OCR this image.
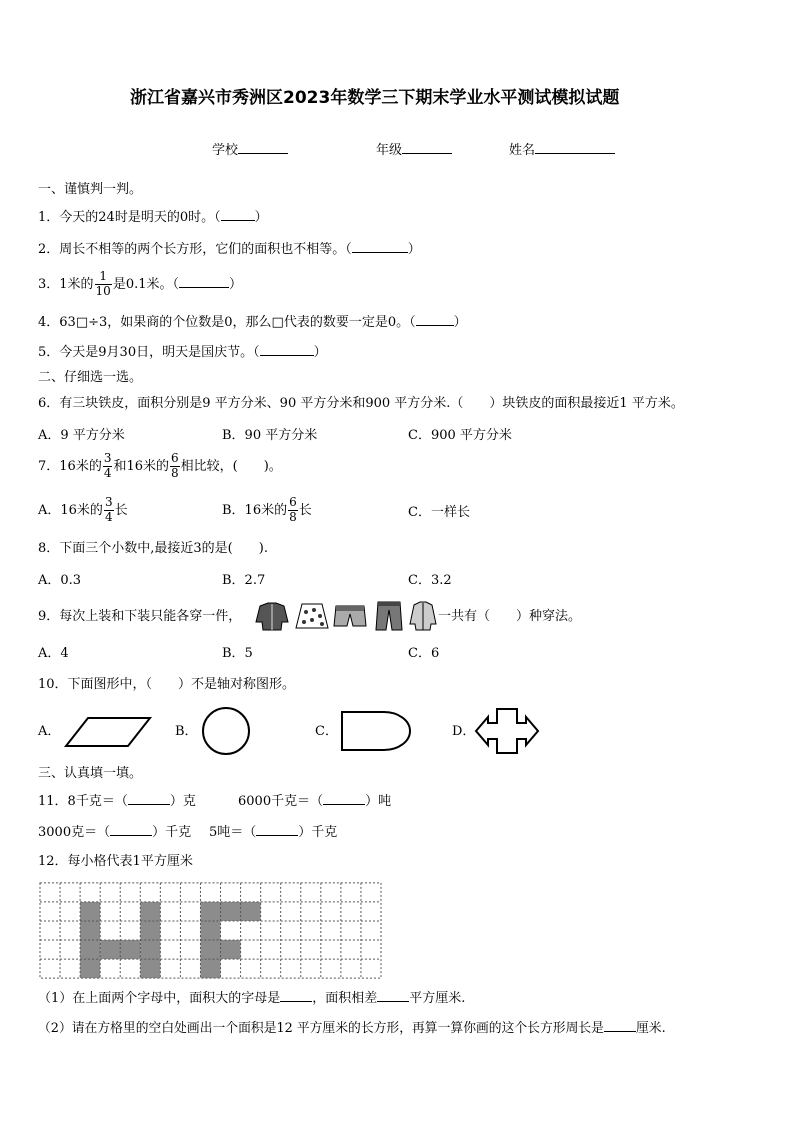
浙江省嘉兴市秀洲区2023年数学三下期末学业水平测试模拟试题
学校	年级	姓名
一、谨慎判一判。
1．今天的24时是明天的0时。（	）
2．周长不相等的两个长方形，它们的面积也不相等。（	）
3．1米的 $\frac{1}{10}$ 是0.1米。（	）
4．63□÷3，如果商的个位数是0，那么□代表的数要一定是0。（	）
5．今天是9月30日，明天是国庆节。（	）
二、仔细选一选。
6．有三块铁皮，面积分别是9 平方分米、90 平方分米和900 平方分米.（　　）块铁皮的面积最接近1 平方米。
A．9 平方分米	B．90 平方分米	C．900 平方分米
7．16米的 $\frac{3}{4}$ 和16米的 $\frac{6}{8}$ 相比较，(　　)。
A．16米的 $\frac{3}{4}$ 长	B．16米的 $\frac{6}{8}$ 长	C．一样长
8．下面三个小数中,最接近3的是(　　).
A．0.3	B．2.7	C．3.2
9．每次上装和下装只能各穿一件，	一共有（　　）种穿法。
A．4	B．5	C．6
10．下面图形中，（　　）不是轴对称图形。
A．	B．	C．	D．
三、认真填一填。
11．8千克＝（	）克	6000千克＝（	）吨
3000克＝（	）千克 5吨＝（	）千克
12．每小格代表1平方厘米
（1）在上面两个字母中，面积大的字母是 ，面积相差 平方厘米.
（2）请在方格里的空白处画出一个面积是12 平方厘米的长方形，再算一算你画的这个长方形周长是	厘米.
